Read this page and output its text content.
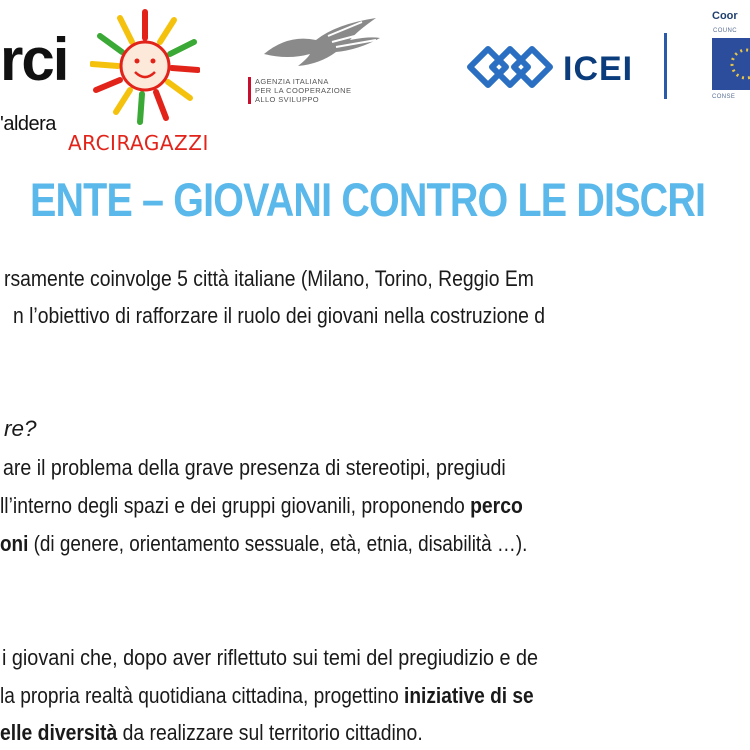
rci
'aldera
ARCIRAGAZZI
AGENZIA ITALIANA
PER LA COOPERAZIONE
ALLO SVILUPPO
ICEI
Coor
COUNC
CONSE
ENTE – GIOVANI CONTRO LE DISCRI
rsamente coinvolge 5 città italiane (Milano, Torino, Reggio Em
n l’obiettivo di rafforzare il ruolo dei giovani nella costruzione d
re?
are il problema della grave presenza di stereotipi, pregiudi
ll’interno degli spazi e dei gruppi giovanili, proponendo perco
oni (di genere, orientamento sessuale, età, etnia, disabilità …).
i giovani che, dopo aver riflettuto sui temi del pregiudizio e de
la propria realtà quotidiana cittadina, progettino iniziative di se
elle diversità da realizzare sul territorio cittadino.
